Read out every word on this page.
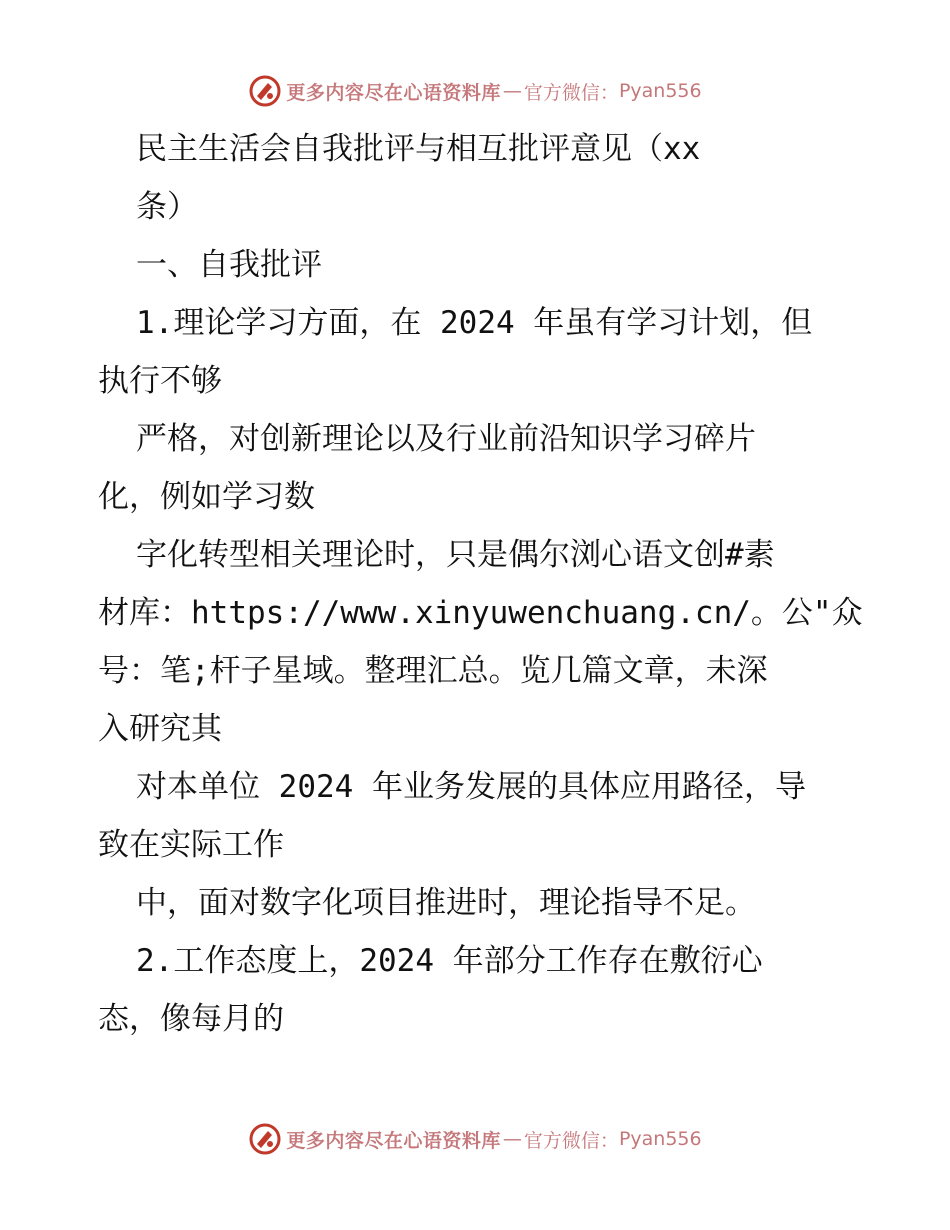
更多内容尽在心语资料库 — 官方微信： Pyan556
民主生活会自我批评与相互批评意见（xx
条）
一、自我批评
1.理论学习方面，在 2024 年虽有学习计划，但
执行不够
严格，对创新理论以及行业前沿知识学习碎片
化，例如学习数
字化转型相关理论时，只是偶尔浏心语文创#素
材库：https://www.xinyuwenchuang.cn/。公"众
号：笔;杆子星域。整理汇总。览几篇文章，未深
入研究其
对本单位 2024 年业务发展的具体应用路径，导
致在实际工作
中，面对数字化项目推进时，理论指导不足。
2.工作态度上，2024 年部分工作存在敷衍心
态，像每月的
更多内容尽在心语资料库 — 官方微信： Pyan556
